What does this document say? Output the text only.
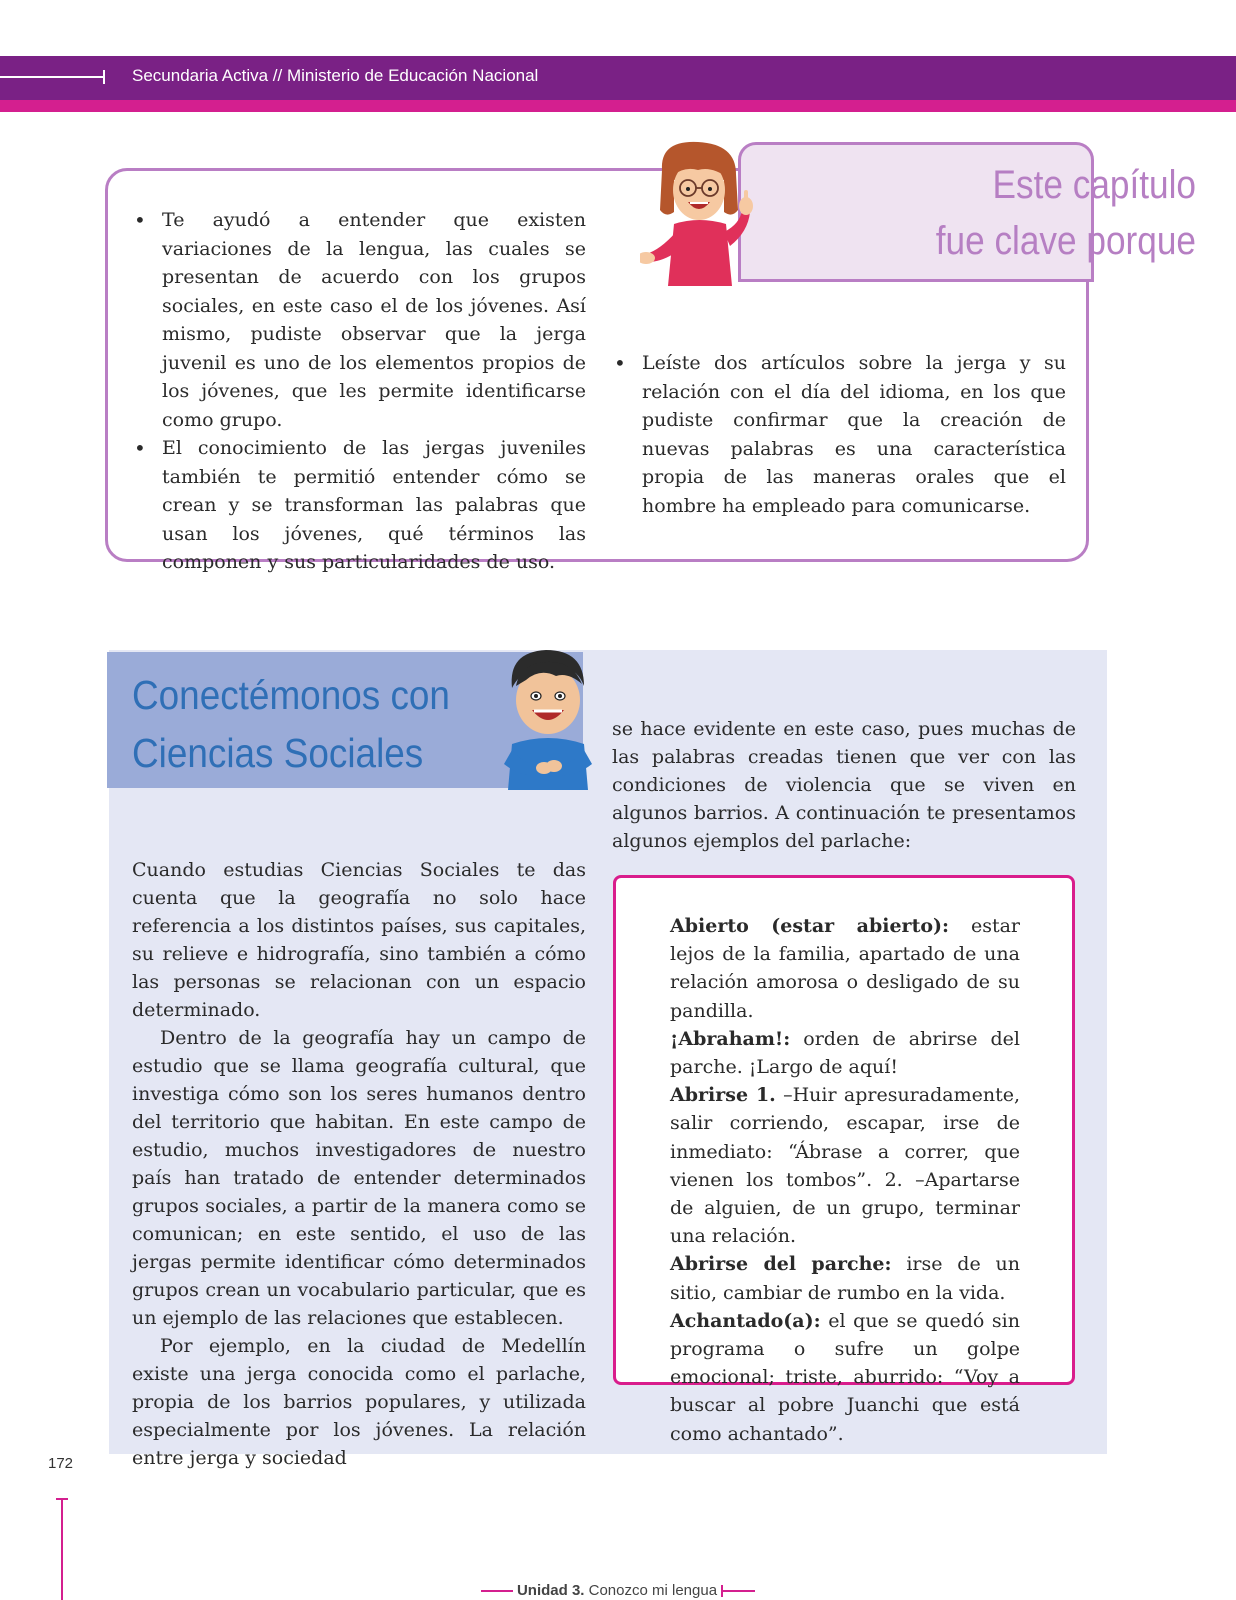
Secundaria Activa // Ministerio de Educación Nacional
Este capítulo
fue clave porque
• Te ayudó a entender que existen variaciones de la lengua, las cuales se presentan de acuerdo con los grupos sociales, en este caso el de los jóvenes. Así mismo, pudiste observar que la jerga juvenil es uno de los elementos propios de los jóvenes, que les permite identificarse como grupo.
• El conocimiento de las jergas juveniles también te permitió entender cómo se crean y se transforman las palabras que usan los jóvenes, qué términos las componen y sus particularidades de uso.
• Leíste dos artículos sobre la jerga y su relación con el día del idioma, en los que pudiste confirmar que la creación de nuevas palabras es una característica propia de las maneras orales que el hombre ha empleado para comunicarse.
Conectémonos con
Ciencias Sociales

Cuando estudias Ciencias Sociales te das cuenta que la geografía no solo hace referencia a los distintos países, sus capitales, su relieve e hidrografía, sino también a cómo las personas se relacionan con un espacio determinado.

Dentro de la geografía hay un campo de estudio que se llama geografía cultural, que investiga cómo son los seres humanos dentro del territorio que habitan. En este campo de estudio, muchos investigadores de nuestro país han tratado de entender determinados grupos sociales, a partir de la manera como se comunican; en este sentido, el uso de las jergas permite identificar cómo determinados grupos crean un vocabulario particular, que es un ejemplo de las relaciones que establecen.

Por ejemplo, en la ciudad de Medellín existe una jerga conocida como el parlache, propia de los barrios populares, y utilizada especialmente por los jóvenes. La relación entre jerga y sociedad

se hace evidente en este caso, pues muchas de las palabras creadas tienen que ver con las condiciones de violencia que se viven en algunos barrios. A continuación te presentamos algunos ejemplos del parlache:

Abierto (estar abierto): estar lejos de la familia, apartado de una relación amorosa o desligado de su pandilla.

¡Abraham!: orden de abrirse del parche. ¡Largo de aquí!

Abrirse 1. –Huir apresuradamente, salir corriendo, escapar, irse de inmediato: “Ábrase a correr, que vienen los tombos”. 2. –Apartarse de alguien, de un grupo, terminar una relación.

Abrirse del parche: irse de un sitio, cambiar de rumbo en la vida.

Achantado(a): el que se quedó sin programa o sufre un golpe emocional; triste, aburrido: “Voy a buscar al pobre Juanchi que está como achantado”.

172
Unidad 3. Conozco mi lengua
